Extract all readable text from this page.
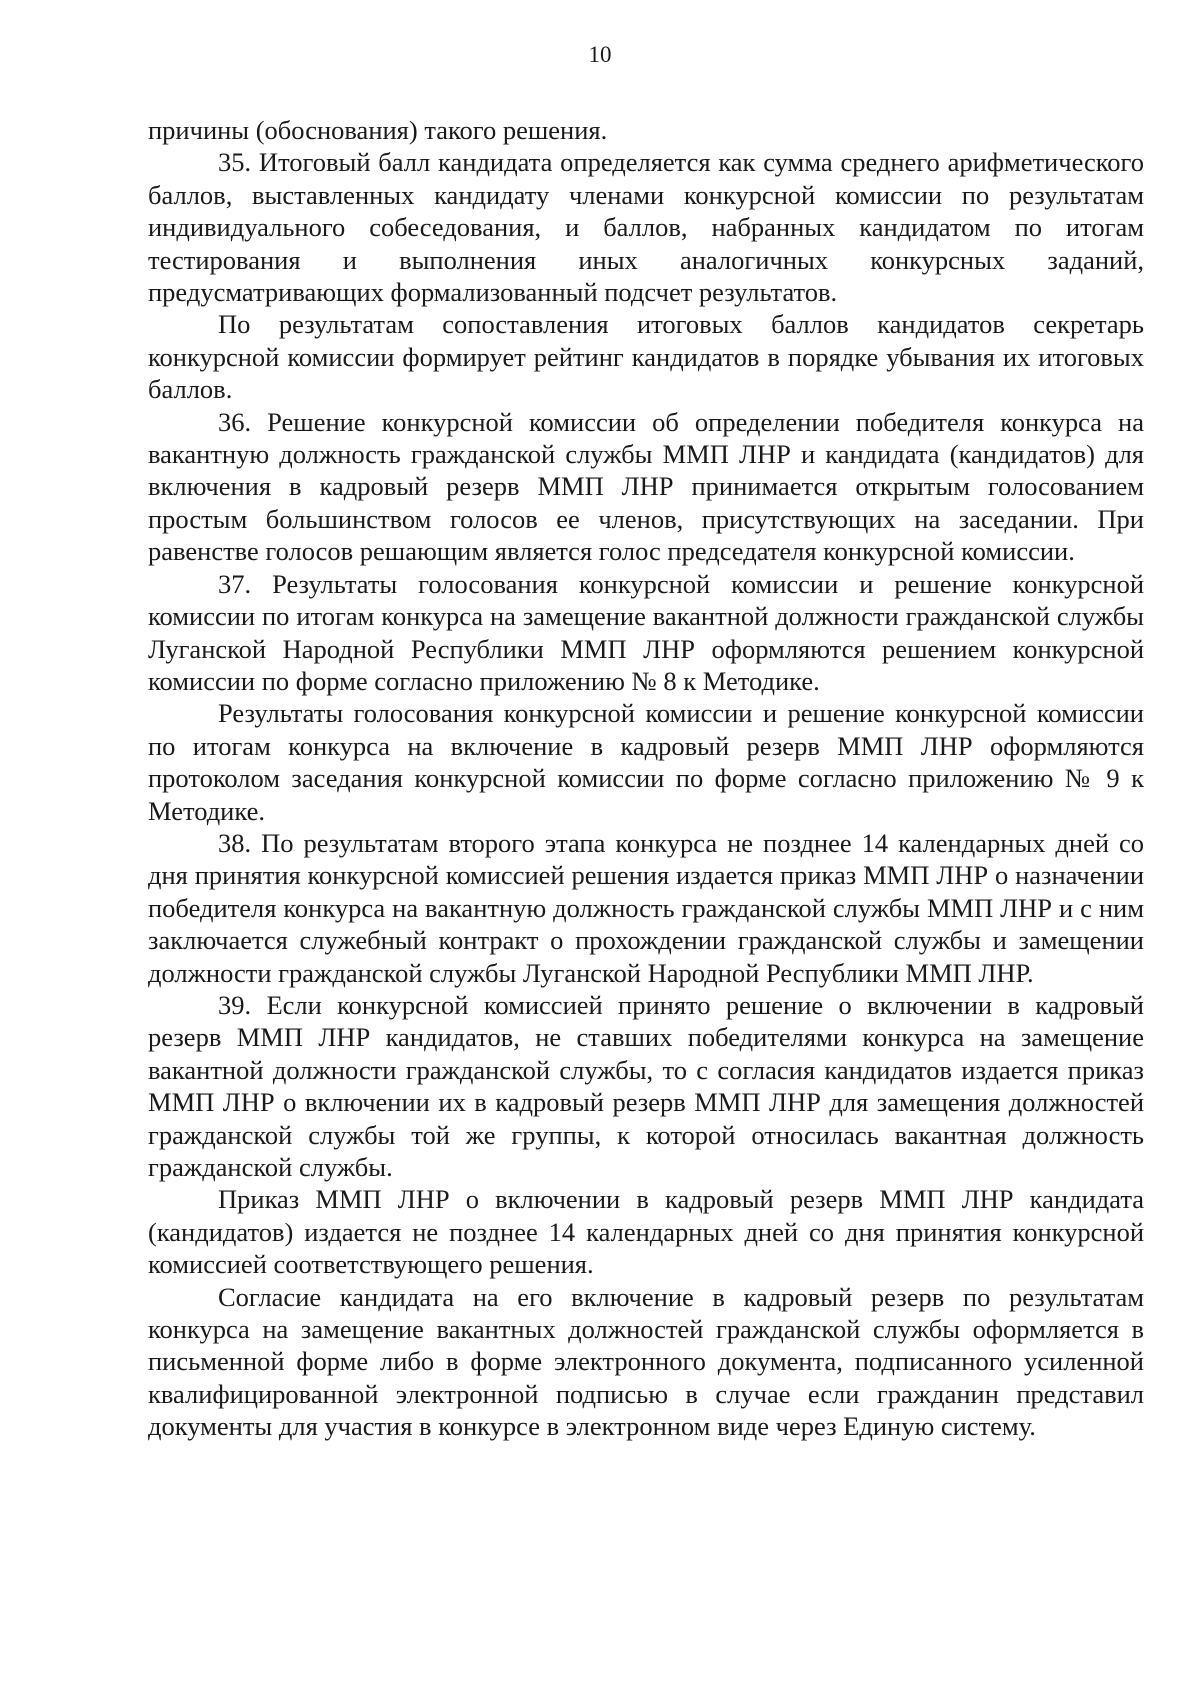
10

причины (обоснования) такого решения.

35. Итоговый балл кандидата определяется как сумма среднего арифметического баллов, выставленных кандидату членами конкурсной комиссии по результатам индивидуального собеседования, и баллов, набранных кандидатом по итогам тестирования и выполнения иных аналогичных конкурсных заданий, предусматривающих формализованный подсчет результатов.

По результатам сопоставления итоговых баллов кандидатов секретарь конкурсной комиссии формирует рейтинг кандидатов в порядке убывания их итоговых баллов.

36. Решение конкурсной комиссии об определении победителя конкурса на вакантную должность гражданской службы ММП ЛНР и кандидата (кандидатов) для включения в кадровый резерв ММП ЛНР принимается открытым голосованием простым большинством голосов ее членов, присутствующих на заседании. При равенстве голосов решающим является голос председателя конкурсной комиссии.

37. Результаты голосования конкурсной комиссии и решение конкурсной комиссии по итогам конкурса на замещение вакантной должности гражданской службы Луганской Народной Республики ММП ЛНР оформляются решением конкурсной комиссии по форме согласно приложению № 8 к Методике.

Результаты голосования конкурсной комиссии и решение конкурсной комиссии по итогам конкурса на включение в кадровый резерв ММП ЛНР оформляются протоколом заседания конкурсной комиссии по форме согласно приложению № 9 к Методике.

38. По результатам второго этапа конкурса не позднее 14 календарных дней со дня принятия конкурсной комиссией решения издается приказ ММП ЛНР о назначении победителя конкурса на вакантную должность гражданской службы ММП ЛНР и с ним заключается служебный контракт о прохождении гражданской службы и замещении должности гражданской службы Луганской Народной Республики ММП ЛНР.

39. Если конкурсной комиссией принято решение о включении в кадровый резерв ММП ЛНР кандидатов, не ставших победителями конкурса на замещение вакантной должности гражданской службы, то с согласия кандидатов издается приказ ММП ЛНР о включении их в кадровый резерв ММП ЛНР для замещения должностей гражданской службы той же группы, к которой относилась вакантная должность гражданской службы.

Приказ ММП ЛНР о включении в кадровый резерв ММП ЛНР кандидата (кандидатов) издается не позднее 14 календарных дней со дня принятия конкурсной комиссией соответствующего решения.

Согласие кандидата на его включение в кадровый резерв по результатам конкурса на замещение вакантных должностей гражданской службы оформляется в письменной форме либо в форме электронного документа, подписанного усиленной квалифицированной электронной подписью в случае если гражданин представил документы для участия в конкурсе в электронном виде через Единую систему.
